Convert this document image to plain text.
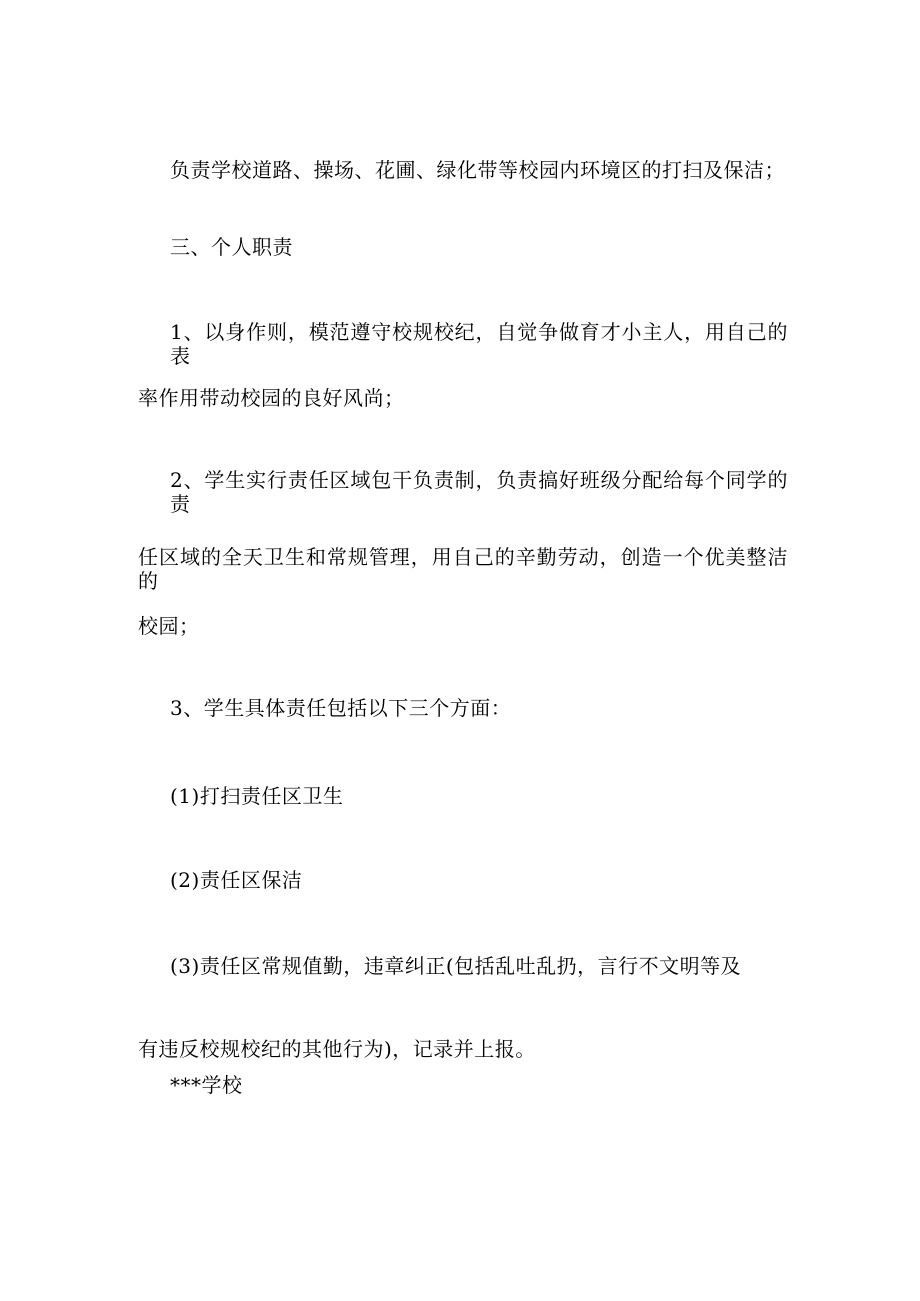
负责学校道路、操场、花圃、绿化带等校园内环境区的打扫及保洁；
三、个人职责
1、以身作则，模范遵守校规校纪，自觉争做育才小主人，用自己的表
率作用带动校园的良好风尚；
2、学生实行责任区域包干负责制，负责搞好班级分配给每个同学的责
任区域的全天卫生和常规管理，用自己的辛勤劳动，创造一个优美整洁的
校园；
3、学生具体责任包括以下三个方面：
(1)打扫责任区卫生
(2)责任区保洁
(3)责任区常规值勤，违章纠正(包括乱吐乱扔，言行不文明等及
有违反校规校纪的其他行为)，记录并上报。
***学校
